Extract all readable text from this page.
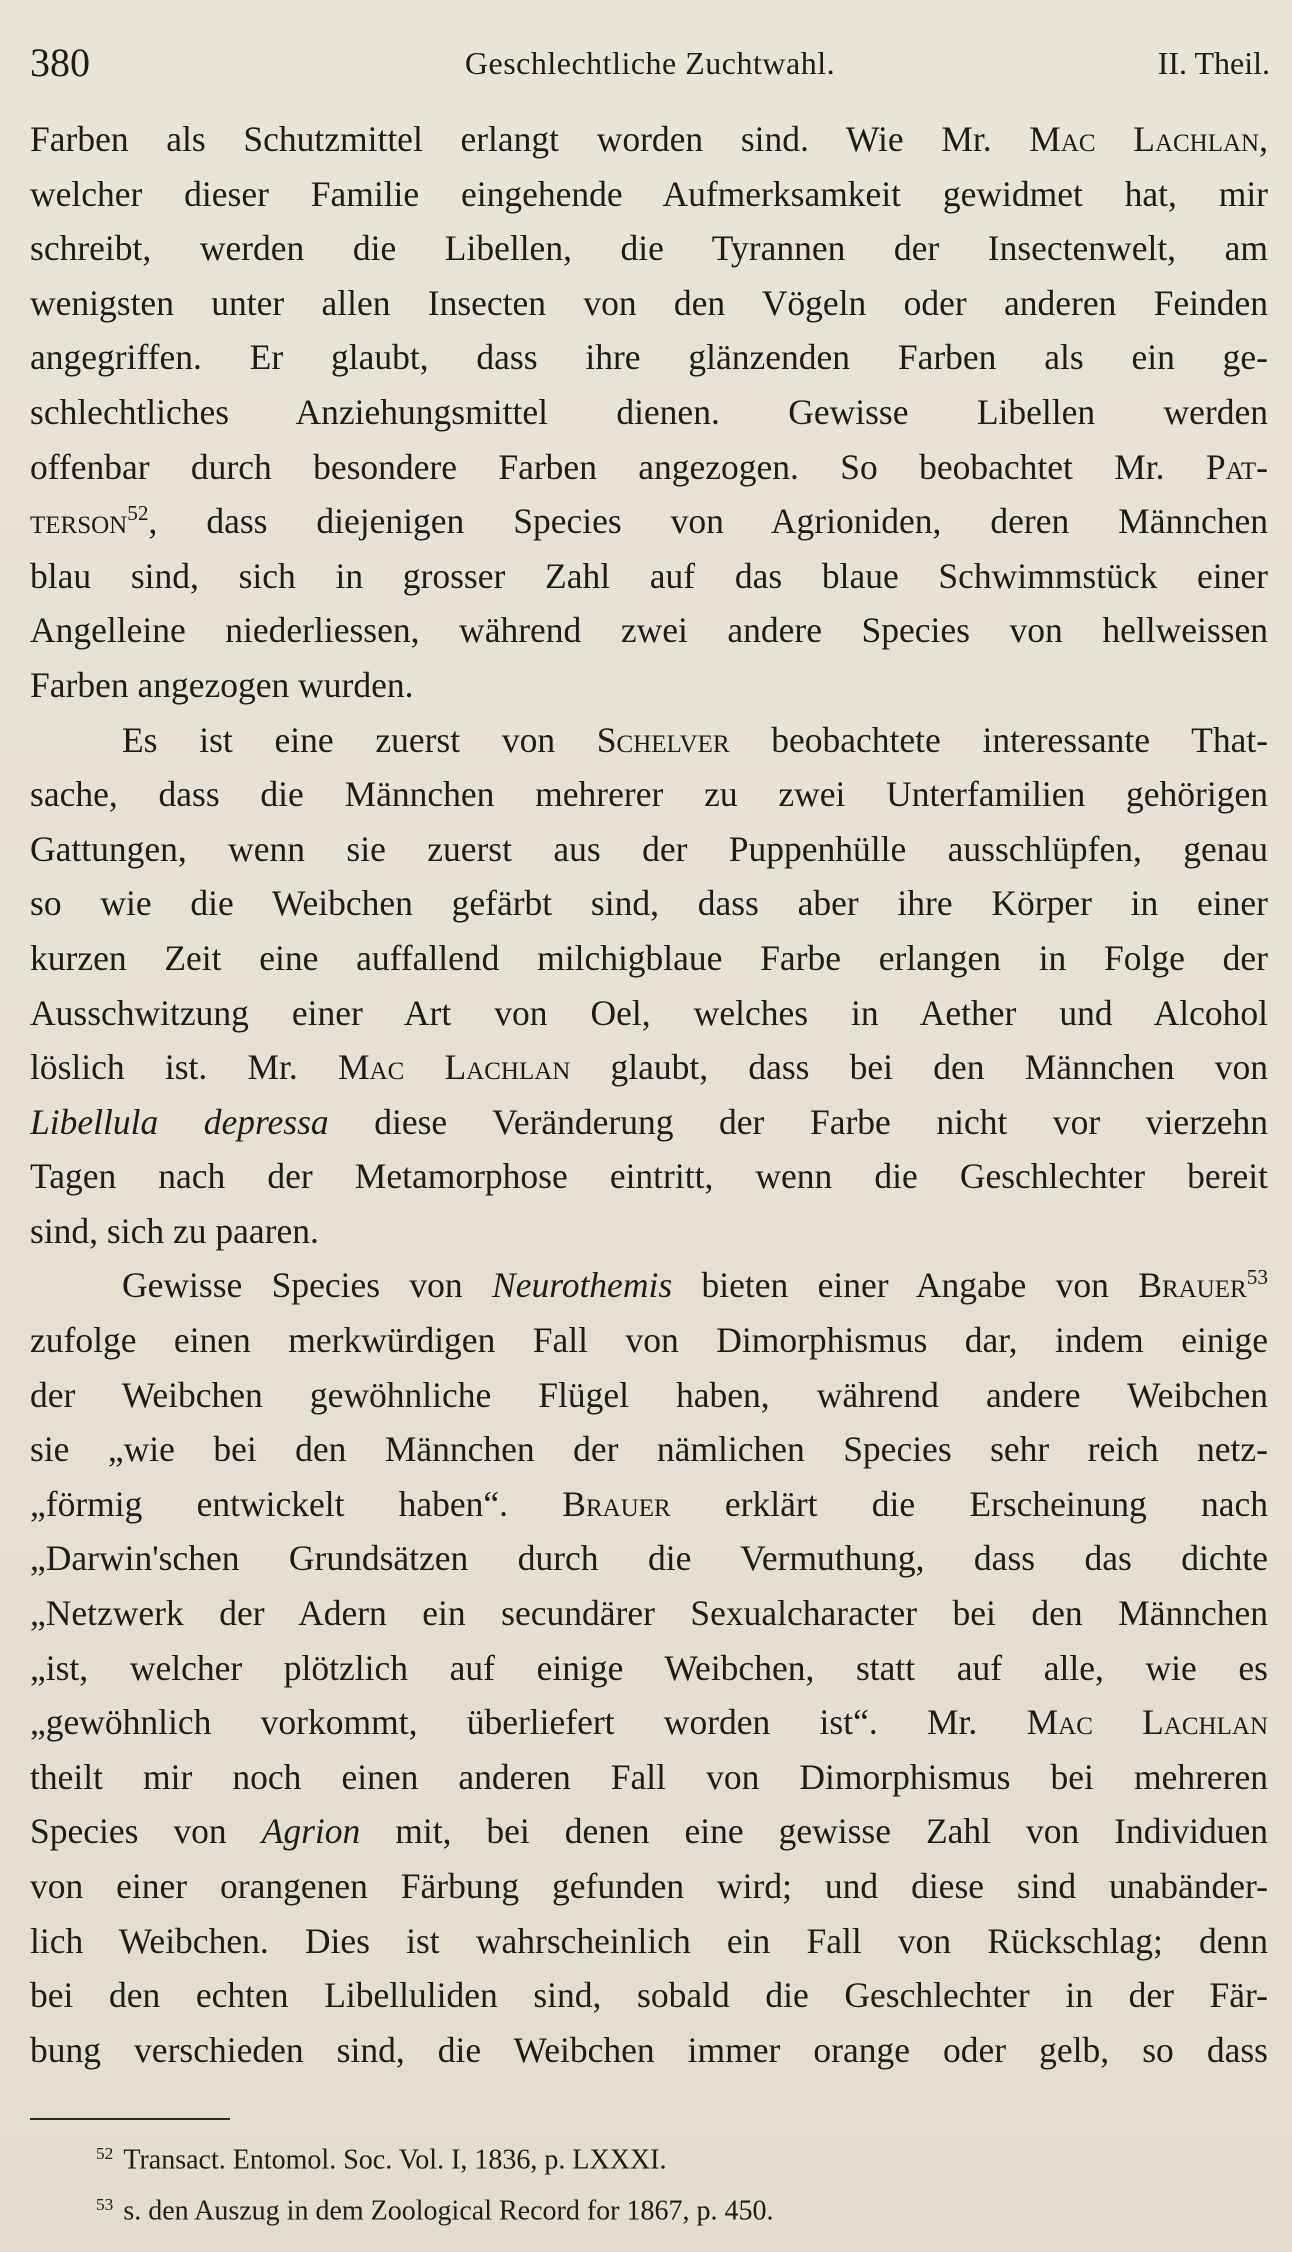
380	Geschlechtliche Zuchtwahl.	II. Theil.
Farben als Schutzmittel erlangt worden sind. Wie Mr. Mac Lachlan,
welcher dieser Familie eingehende Aufmerksamkeit gewidmet hat, mir
schreibt, werden die Libellen, die Tyrannen der Insectenwelt, am
wenigsten unter allen Insecten von den Vögeln oder anderen Feinden
angegriffen. Er glaubt, dass ihre glänzenden Farben als ein ge-
schlechtliches Anziehungsmittel dienen. Gewisse Libellen werden
offenbar durch besondere Farben angezogen. So beobachtet Mr. Pat-
terson$^{52}$, dass diejenigen Species von Agrioniden, deren Männchen
blau sind, sich in grosser Zahl auf das blaue Schwimmstück einer
Angelleine niederliessen, während zwei andere Species von hellweissen
Farben angezogen wurden.
Es ist eine zuerst von Schelver beobachtete interessante That-
sache, dass die Männchen mehrerer zu zwei Unterfamilien gehörigen
Gattungen, wenn sie zuerst aus der Puppenhülle ausschlüpfen, genau
so wie die Weibchen gefärbt sind, dass aber ihre Körper in einer
kurzen Zeit eine auffallend milchigblaue Farbe erlangen in Folge der
Ausschwitzung einer Art von Oel, welches in Aether und Alcohol
löslich ist. Mr. Mac Lachlan glaubt, dass bei den Männchen von
Libellula depressa diese Veränderung der Farbe nicht vor vierzehn
Tagen nach der Metamorphose eintritt, wenn die Geschlechter bereit
sind, sich zu paaren.
Gewisse Species von Neurothemis bieten einer Angabe von Brauer$^{53}$
zufolge einen merkwürdigen Fall von Dimorphismus dar, indem einige
der Weibchen gewöhnliche Flügel haben, während andere Weibchen
sie „wie bei den Männchen der nämlichen Species sehr reich netz-
„förmig entwickelt haben“. Brauer erklärt die Erscheinung nach
„Darwin'schen Grundsätzen durch die Vermuthung, dass das dichte
„Netzwerk der Adern ein secundärer Sexualcharacter bei den Männchen
„ist, welcher plötzlich auf einige Weibchen, statt auf alle, wie es
„gewöhnlich vorkommt, überliefert worden ist“. Mr. Mac Lachlan
theilt mir noch einen anderen Fall von Dimorphismus bei mehreren
Species von Agrion mit, bei denen eine gewisse Zahl von Individuen
von einer orangenen Färbung gefunden wird; und diese sind unabänder-
lich Weibchen. Dies ist wahrscheinlich ein Fall von Rückschlag; denn
bei den echten Libelluliden sind, sobald die Geschlechter in der Fär-
bung verschieden sind, die Weibchen immer orange oder gelb, so dass
$^{52}$ Transact. Entomol. Soc. Vol. I, 1836, p. LXXXI.
$^{53}$ s. den Auszug in dem Zoological Record for 1867, p. 450.
